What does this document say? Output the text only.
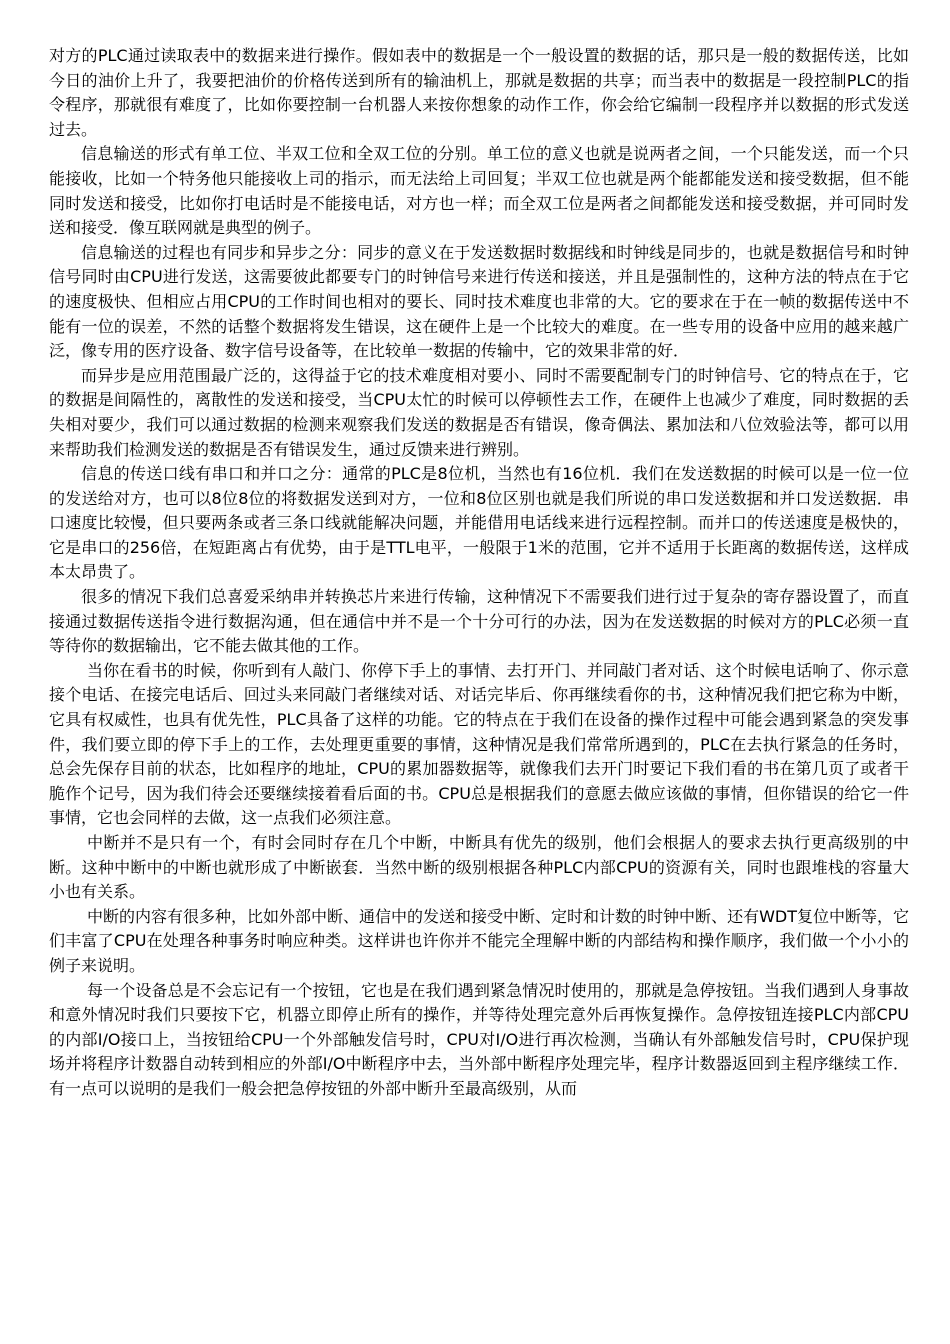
对方的PLC通过读取表中的数据来进行操作。假如表中的数据是一个一般设置的数据的话，那只是一般的数据传送，比如今日的油价上升了，我要把油价的价格传送到所有的输油机上，那就是数据的共享；而当表中的数据是一段控制PLC的指令程序，那就很有难度了，比如你要控制一台机器人来按你想象的动作工作，你会给它编制一段程序并以数据的形式发送过去。

信息输送的形式有单工位、半双工位和全双工位的分别。单工位的意义也就是说两者之间，一个只能发送，而一个只能接收，比如一个特务他只能接收上司的指示，而无法给上司回复；半双工位也就是两个能都能发送和接受数据，但不能同时发送和接受，比如你打电话时是不能接电话，对方也一样；而全双工位是两者之间都能发送和接受数据，并可同时发送和接受．像互联网就是典型的例子。

信息输送的过程也有同步和异步之分：同步的意义在于发送数据时数据线和时钟线是同步的，也就是数据信号和时钟信号同时由CPU进行发送，这需要彼此都要专门的时钟信号来进行传送和接送，并且是强制性的，这种方法的特点在于它的速度极快、但相应占用CPU的工作时间也相对的要长、同时技术难度也非常的大。它的要求在于在一帧的数据传送中不能有一位的误差，不然的话整个数据将发生错误，这在硬件上是一个比较大的难度。在一些专用的设备中应用的越来越广泛，像专用的医疗设备、数字信号设备等，在比较单一数据的传输中，它的效果非常的好．

而异步是应用范围最广泛的，这得益于它的技术难度相对要小、同时不需要配制专门的时钟信号、它的特点在于，它的数据是间隔性的，离散性的发送和接受，当CPU太忙的时候可以停顿性去工作，在硬件上也减少了难度，同时数据的丢失相对要少，我们可以通过数据的检测来观察我们发送的数据是否有错误，像奇偶法、累加法和八位效验法等，都可以用来帮助我们检测发送的数据是否有错误发生，通过反馈来进行辨别。

信息的传送口线有串口和并口之分：通常的PLC是8位机，当然也有16位机．我们在发送数据的时候可以是一位一位的发送给对方，也可以8位8位的将数据发送到对方，一位和8位区别也就是我们所说的串口发送数据和并口发送数据．串口速度比较慢，但只要两条或者三条口线就能解决问题，并能借用电话线来进行远程控制。而并口的传送速度是极快的，它是串口的256倍，在短距离占有优势，由于是TTL电平，一般限于1米的范围，它并不适用于长距离的数据传送，这样成本太昂贵了。

很多的情况下我们总喜爱采纳串并转换芯片来进行传输，这种情况下不需要我们进行过于复杂的寄存器设置了，而直接通过数据传送指令进行数据沟通，但在通信中并不是一个十分可行的办法，因为在发送数据的时候对方的PLC必须一直等待你的数据输出，它不能去做其他的工作。

当你在看书的时候，你听到有人敲门、你停下手上的事情、去打开门、并同敲门者对话、这个时候电话响了、你示意接个电话、在接完电话后、回过头来同敲门者继续对话、对话完毕后、你再继续看你的书，这种情况我们把它称为中断，它具有权威性，也具有优先性，PLC具备了这样的功能。它的特点在于我们在设备的操作过程中可能会遇到紧急的突发事件，我们要立即的停下手上的工作，去处理更重要的事情，这种情况是我们常常所遇到的，PLC在去执行紧急的任务时，总会先保存目前的状态，比如程序的地址，CPU的累加器数据等，就像我们去开门时要记下我们看的书在第几页了或者干脆作个记号，因为我们待会还要继续接着看后面的书。CPU总是根据我们的意愿去做应该做的事情，但你错误的给它一件事情，它也会同样的去做，这一点我们必须注意。

中断并不是只有一个，有时会同时存在几个中断，中断具有优先的级别，他们会根据人的要求去执行更高级别的中断。这种中断中的中断也就形成了中断嵌套．当然中断的级别根据各种PLC内部CPU的资源有关，同时也跟堆栈的容量大小也有关系。

中断的内容有很多种，比如外部中断、通信中的发送和接受中断、定时和计数的时钟中断、还有WDT复位中断等，它们丰富了CPU在处理各种事务时响应种类。这样讲也许你并不能完全理解中断的内部结构和操作顺序，我们做一个小小的例子来说明。

每一个设备总是不会忘记有一个按钮，它也是在我们遇到紧急情况时使用的，那就是急停按钮。当我们遇到人身事故和意外情况时我们只要按下它，机器立即停止所有的操作，并等待处理完意外后再恢复操作。急停按钮连接PLC内部CPU的内部I/O接口上，当按钮给CPU一个外部触发信号时，CPU对I/O进行再次检测，当确认有外部触发信号时，CPU保护现场并将程序计数器自动转到相应的外部I/O中断程序中去，当外部中断程序处理完毕，程序计数器返回到主程序继续工作．有一点可以说明的是我们一般会把急停按钮的外部中断升至最高级别，从而
